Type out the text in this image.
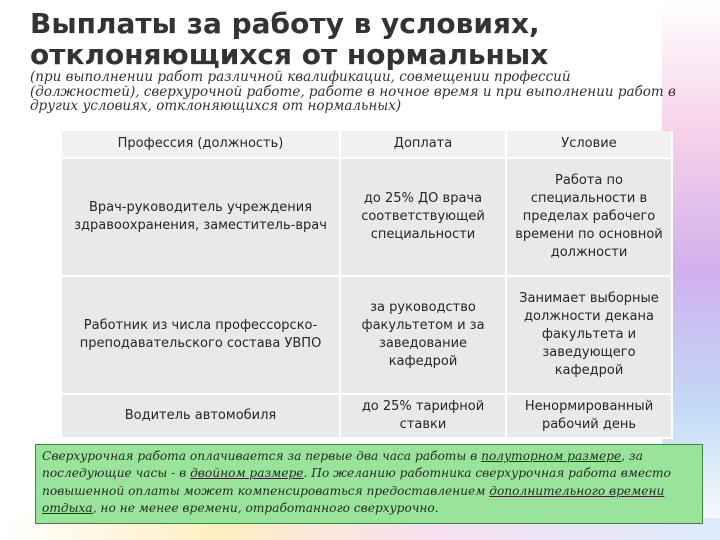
Выплаты за работу в условиях, отклоняющихся от нормальных

(при выполнении работ различной квалификации, совмещении профессий (должностей), сверхурочной работе, работе в ночное время и при выполнении работ в других условиях, отклоняющихся от нормальных)

Профессия (должность)	Доплата	Условие
Врач-руководитель учреждения здравоохранения, заместитель-врач	до 25% ДО врача соответствующей специальности	Работа по специальности в пределах рабочего времени по основной должности
Работник из числа профессорско-преподавательского состава УВПО	за руководство факультетом и за заведование кафедрой	Занимает выборные должности декана факультета и заведующего кафедрой
Водитель автомобиля	до 25% тарифной ставки	Ненормированный рабочий день
Сверхурочная работа оплачивается за первые два часа работы в полуторном размере, за последующие часы - в двойном размере. По желанию работника сверхурочная работа вместо повышенной оплаты может компенсироваться предоставлением дополнительного времени отдыха, но не менее времени, отработанного сверхурочно.
